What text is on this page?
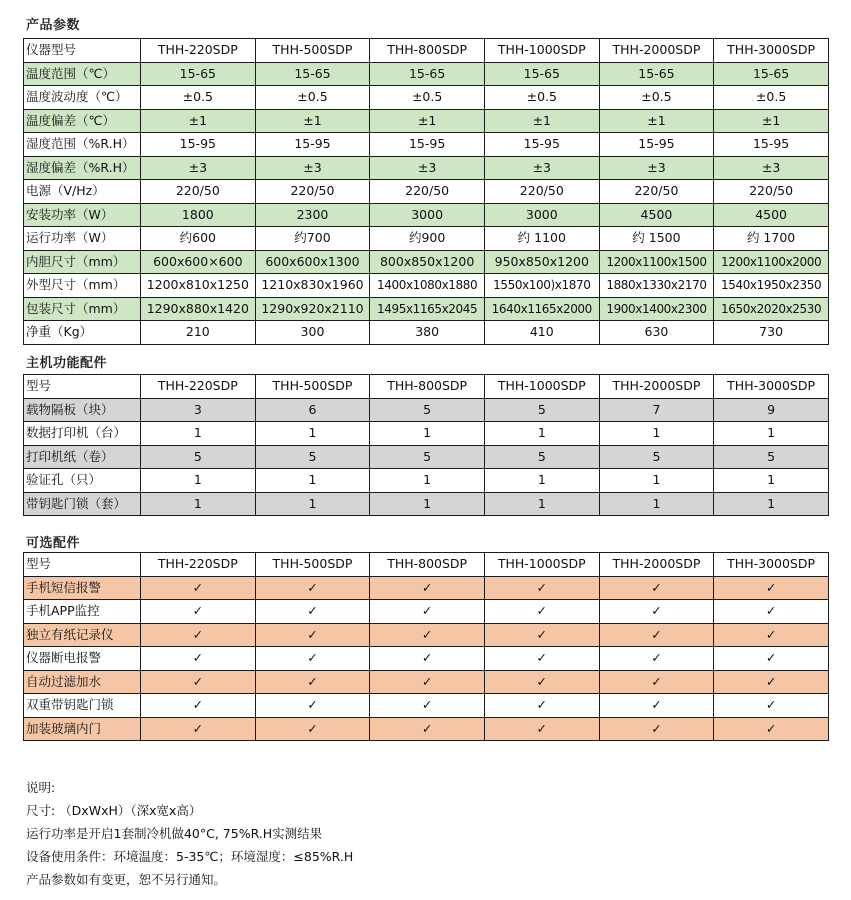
产品参数
仪器型号	THH-220SDP	THH-500SDP	THH-800SDP	THH-1000SDP	THH-2000SDP	THH-3000SDP
温度范围（℃）	15-65	15-65	15-65	15-65	15-65	15-65
温度波动度（℃）	±0.5	±0.5	±0.5	±0.5	±0.5	±0.5
温度偏差（℃）	±1	±1	±1	±1	±1	±1
湿度范围（%R.H）	15-95	15-95	15-95	15-95	15-95	15-95
湿度偏差（%R.H）	±3	±3	±3	±3	±3	±3
电源（V/Hz）	220/50	220/50	220/50	220/50	220/50	220/50
安装功率（W）	1800	2300	3000	3000	4500	4500
运行功率（W）	约600	约700	约900	约 1100	约 1500	约 1700
内胆尺寸（mm）	600x600×600	600x600x1300	800x850x1200	950x850x1200	1200x1100x1500	1200x1100x2000
外型尺寸（mm）	1200x810x1250	1210x830x1960	1400x1080x1880	1550x100)x1870	1880x1330x2170	1540x1950x2350
包装尺寸（mm）	1290x880x1420	1290x920x2110	1495x1165x2045	1640x1165x2000	1900x1400x2300	1650x2020x2530
净重（Kg）	210	300	380	410	630	730
主机功能配件
型号	THH-220SDP	THH-500SDP	THH-800SDP	THH-1000SDP	THH-2000SDP	THH-3000SDP
载物隔板（块）	3	6	5	5	7	9
数据打印机（台）	1	1	1	1	1	1
打印机纸（卷）	5	5	5	5	5	5
验证孔（只）	1	1	1	1	1	1
带钥匙门锁（套）	1	1	1	1	1	1
可选配件
型号	THH-220SDP	THH-500SDP	THH-800SDP	THH-1000SDP	THH-2000SDP	THH-3000SDP
手机短信报警	✓	✓	✓	✓	✓	✓
手机APP监控	✓	✓	✓	✓	✓	✓
独立有纸记录仪	✓	✓	✓	✓	✓	✓
仪器断电报警	✓	✓	✓	✓	✓	✓
自动过滤加水	✓	✓	✓	✓	✓	✓
双重带钥匙门锁	✓	✓	✓	✓	✓	✓
加装玻璃内门	✓	✓	✓	✓	✓	✓
说明:
尺寸: （DxWxH）（深x宽x高）
运行功率是开启1套制冷机做40°C, 75%R.H实测结果
设备使用条件：环境温度：5-35℃；环境湿度：≤85%R.H
产品参数如有变更，恕不另行通知。
